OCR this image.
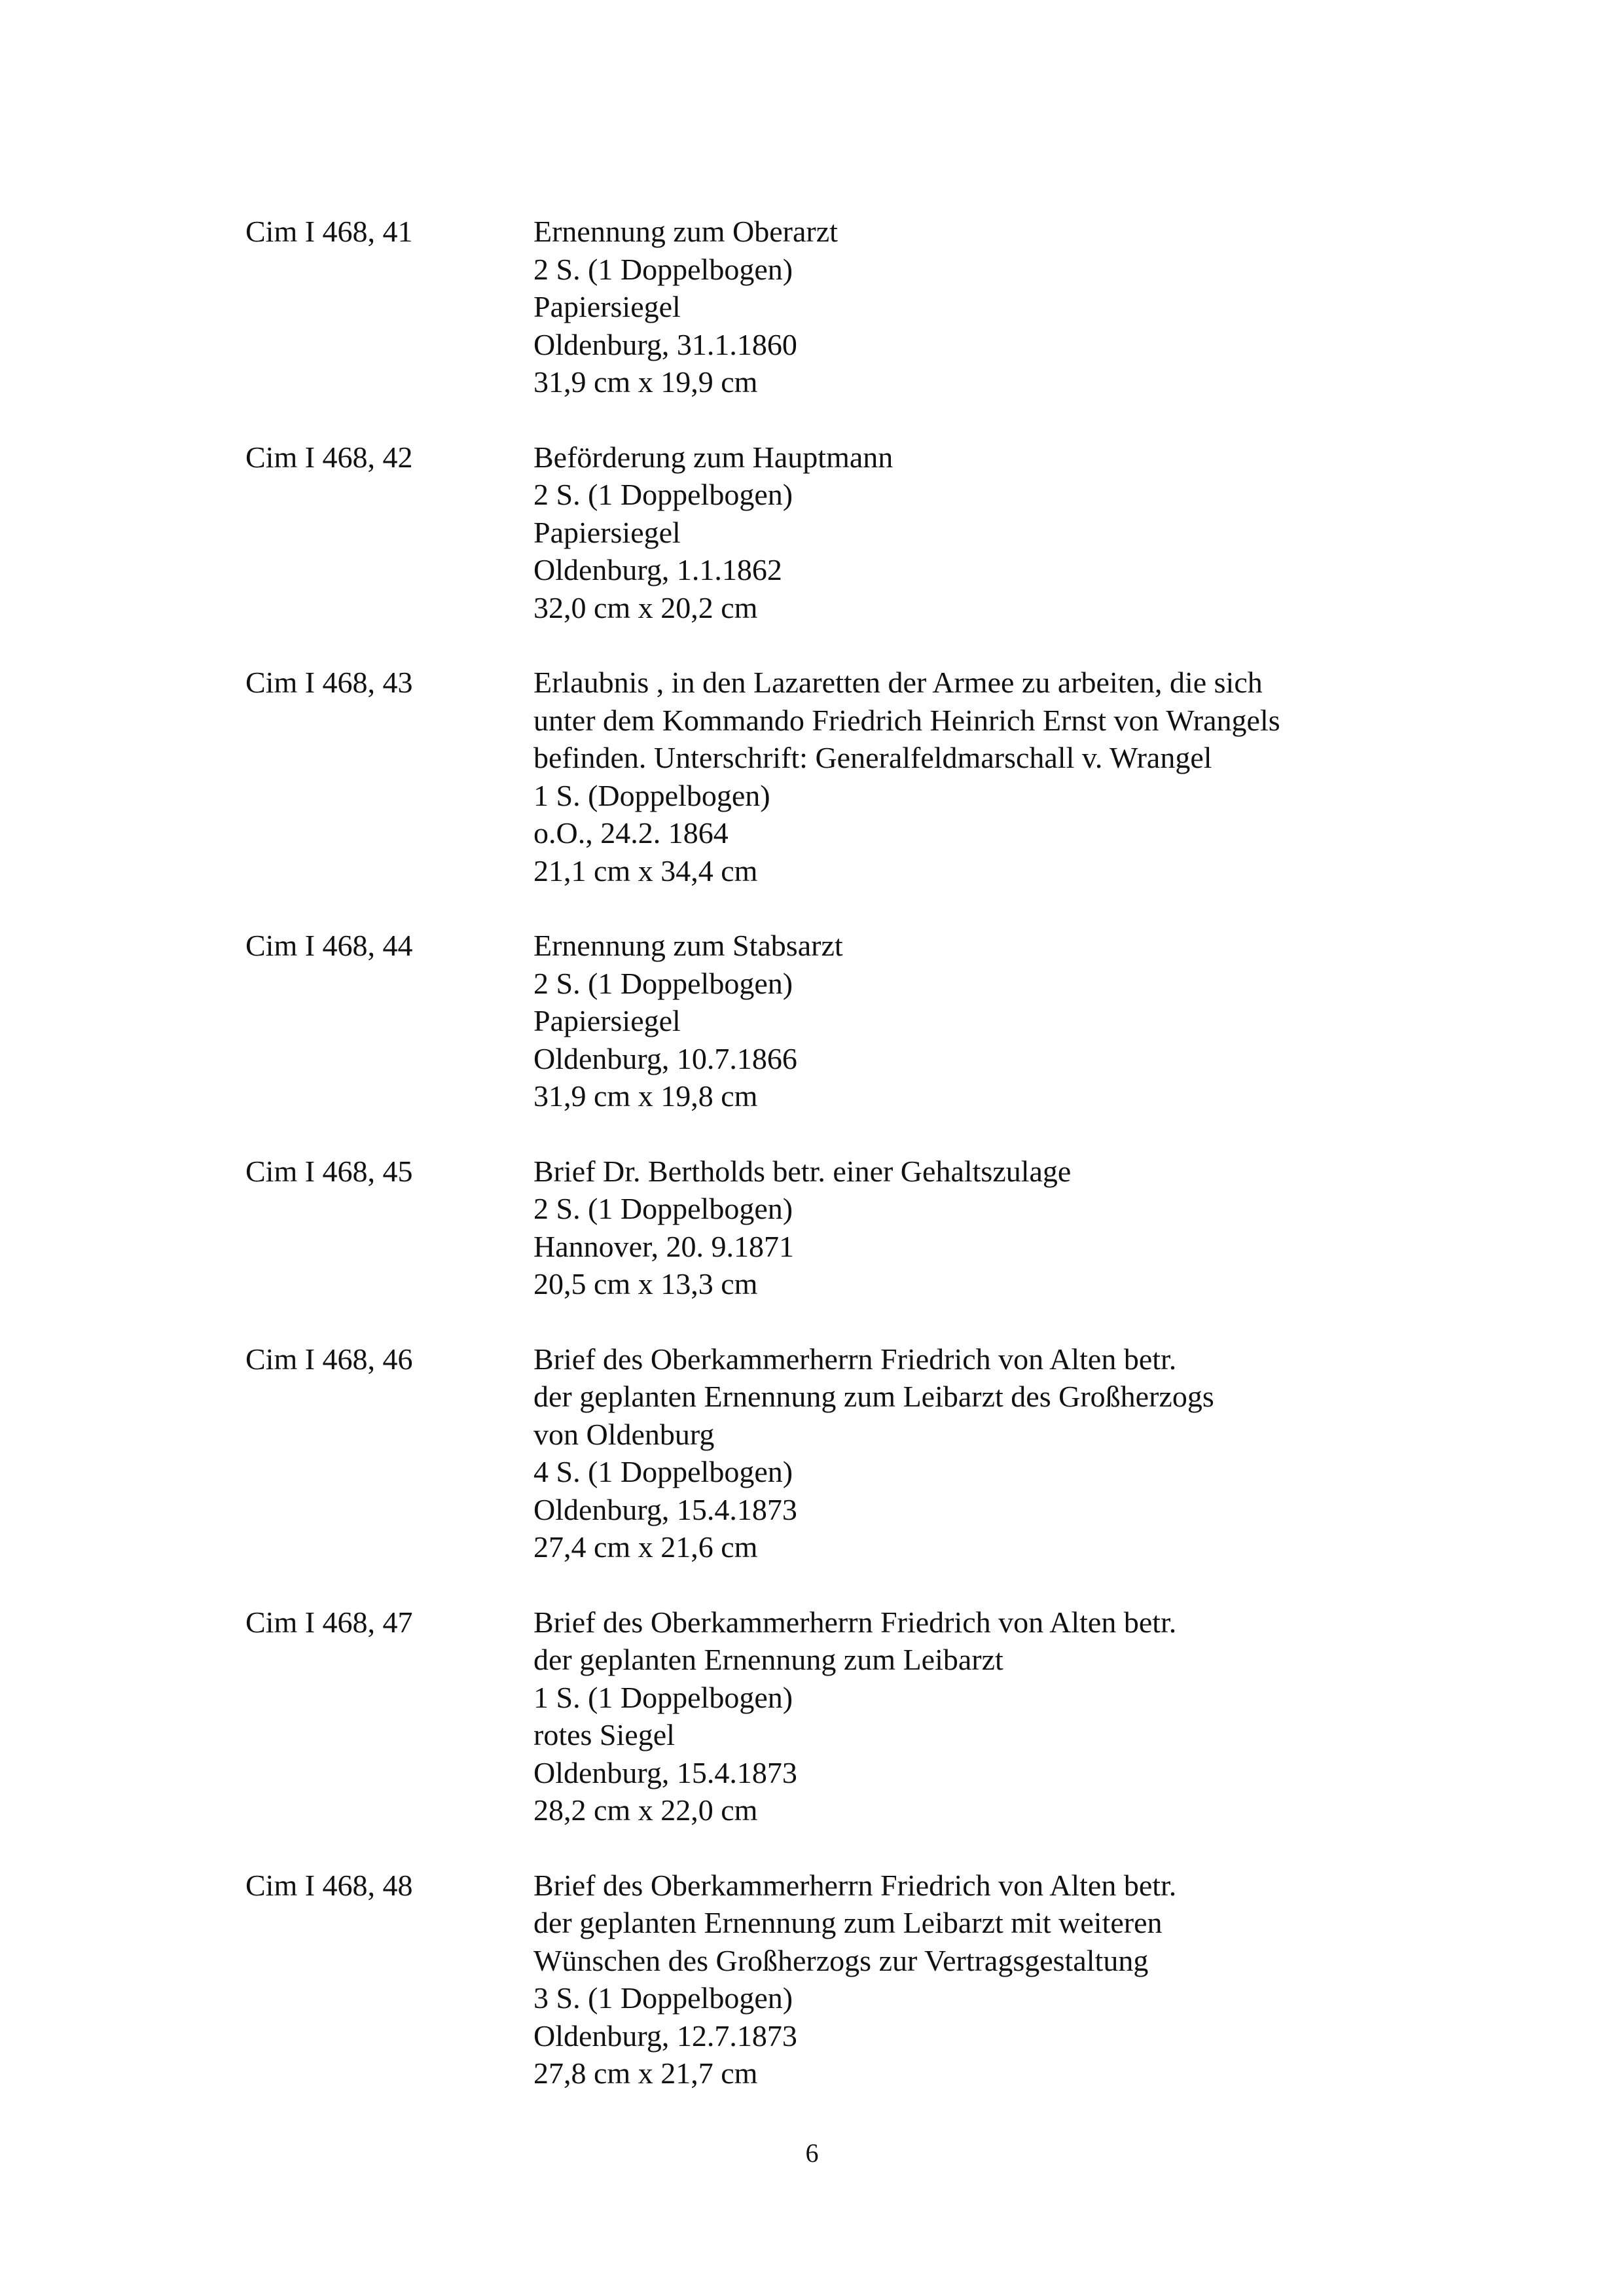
Cim I 468, 41	Ernennung zum Oberarzt
2 S. (1 Doppelbogen)
Papiersiegel
Oldenburg, 31.1.1860
31,9 cm x 19,9 cm
Cim I 468, 42	Beförderung zum Hauptmann
2 S. (1 Doppelbogen)
Papiersiegel
Oldenburg, 1.1.1862
32,0 cm x 20,2 cm
Cim I 468, 43	Erlaubnis , in den Lazaretten der Armee zu arbeiten, die sich
unter dem Kommando Friedrich Heinrich Ernst von Wrangels
befinden. Unterschrift: Generalfeldmarschall v. Wrangel
1 S. (Doppelbogen)
o.O., 24.2. 1864
21,1 cm x 34,4 cm
Cim I 468, 44	Ernennung zum Stabsarzt
2 S. (1 Doppelbogen)
Papiersiegel
Oldenburg, 10.7.1866
31,9 cm x 19,8 cm
Cim I 468, 45	Brief Dr. Bertholds betr. einer Gehaltszulage
2 S. (1 Doppelbogen)
Hannover, 20. 9.1871
20,5 cm x 13,3 cm
Cim I 468, 46	Brief des Oberkammerherrn Friedrich von Alten betr.
der geplanten Ernennung zum Leibarzt des Großherzogs
von Oldenburg
4 S. (1 Doppelbogen)
Oldenburg, 15.4.1873
27,4 cm x 21,6 cm
Cim I 468, 47	Brief des Oberkammerherrn Friedrich von Alten betr.
der geplanten Ernennung zum Leibarzt
1 S. (1 Doppelbogen)
rotes Siegel
Oldenburg, 15.4.1873
28,2 cm x 22,0 cm
Cim I 468, 48	Brief des Oberkammerherrn Friedrich von Alten betr.
der geplanten Ernennung zum Leibarzt mit weiteren
Wünschen des Großherzogs zur Vertragsgestaltung
3 S. (1 Doppelbogen)
Oldenburg, 12.7.1873
27,8 cm x 21,7 cm
6
